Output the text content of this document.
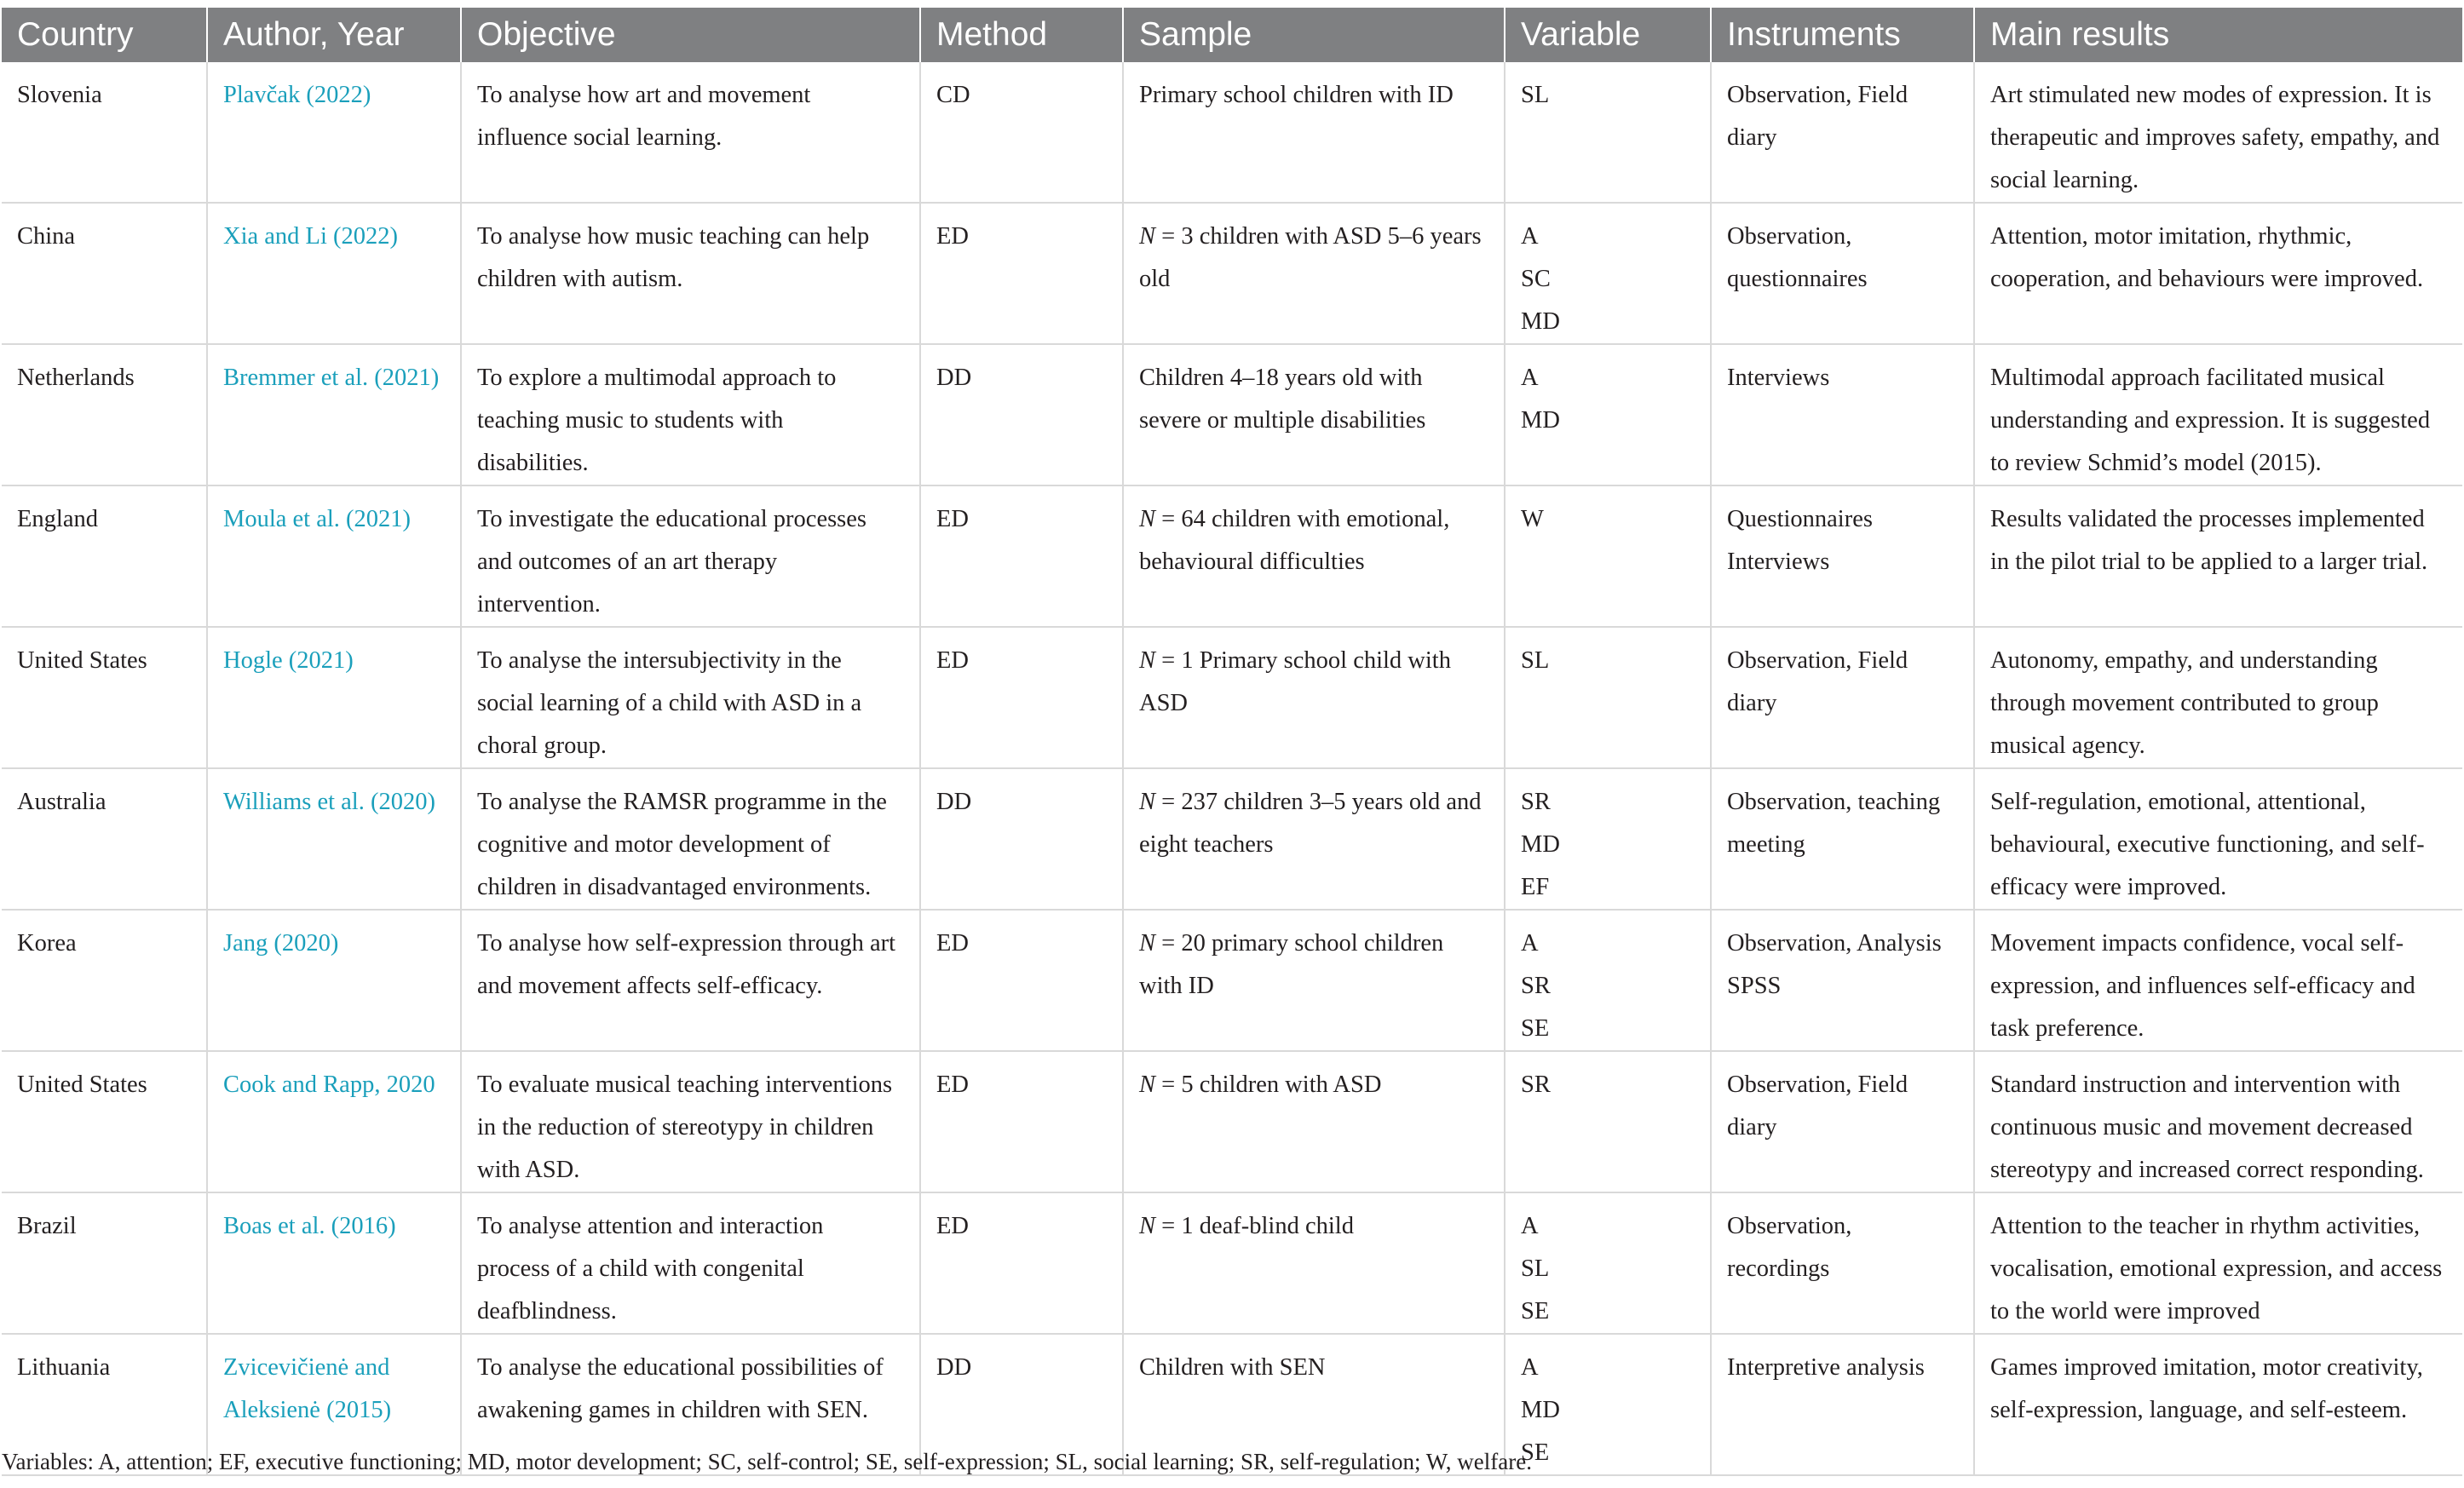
Country	Author, Year	Objective	Method	Sample	Variable	Instruments	Main results
Slovenia	Plavčak (2022)	To analyse how art and movement
influence social learning.	CD	Primary school children with ID	SL	Observation, Field
diary	Art stimulated new modes of expression. It is
therapeutic and improves safety, empathy, and
social learning.

China	Xia and Li (2022)	To analyse how music teaching can help
children with autism.	ED	N = 3 children with ASD 5–6 years
old	A
SC
MD	Observation,
questionnaires	Attention, motor imitation, rhythmic,
cooperation, and behaviours were improved.

Netherlands	Bremmer et al. (2021)	To explore a multimodal approach to
teaching music to students with
disabilities.	DD	Children 4–18 years old with
severe or multiple disabilities	A
MD	Interviews	Multimodal approach facilitated musical
understanding and expression. It is suggested
to review Schmid’s model (2015).

England	Moula et al. (2021)	To investigate the educational processes
and outcomes of an art therapy
intervention.	ED	N = 64 children with emotional,
behavioural difficulties	W	Questionnaires
Interviews	Results validated the processes implemented
in the pilot trial to be applied to a larger trial.

United States	Hogle (2021)	To analyse the intersubjectivity in the
social learning of a child with ASD in a
choral group.	ED	N = 1 Primary school child with
ASD	SL	Observation, Field
diary	Autonomy, empathy, and understanding
through movement contributed to group
musical agency.

Australia	Williams et al. (2020)	To analyse the RAMSR programme in the
cognitive and motor development of
children in disadvantaged environments.	DD	N = 237 children 3–5 years old and
eight teachers	SR
MD
EF	Observation, teaching
meeting	Self-regulation, emotional, attentional,
behavioural, executive functioning, and self-
efficacy were improved.

Korea	Jang (2020)	To analyse how self-expression through art
and movement affects self-efficacy.	ED	N = 20 primary school children
with ID	A
SR
SE	Observation, Analysis
SPSS	Movement impacts confidence, vocal self-
expression, and influences self-efficacy and
task preference.

United States	Cook and Rapp, 2020	To evaluate musical teaching interventions
in the reduction of stereotypy in children
with ASD.	ED	N = 5 children with ASD	SR	Observation, Field
diary	Standard instruction and intervention with
continuous music and movement decreased
stereotypy and increased correct responding.

Brazil	Boas et al. (2016)	To analyse attention and interaction
process of a child with congenital
deafblindness.	ED	N = 1 deaf-blind child	A
SL
SE	Observation,
recordings	Attention to the teacher in rhythm activities,
vocalisation, emotional expression, and access
to the world were improved

Lithuania	Zvicevičienė and
Aleksienė (2015)	To analyse the educational possibilities of
awakening games in children with SEN.	DD	Children with SEN	A
MD
SE	Interpretive analysis	Games improved imitation, motor creativity,
self-expression, language, and self-esteem.
Variables: A, attention; EF, executive functioning; MD, motor development; SC, self-control; SE, self-expression; SL, social learning; SR, self-regulation; W, welfare.
